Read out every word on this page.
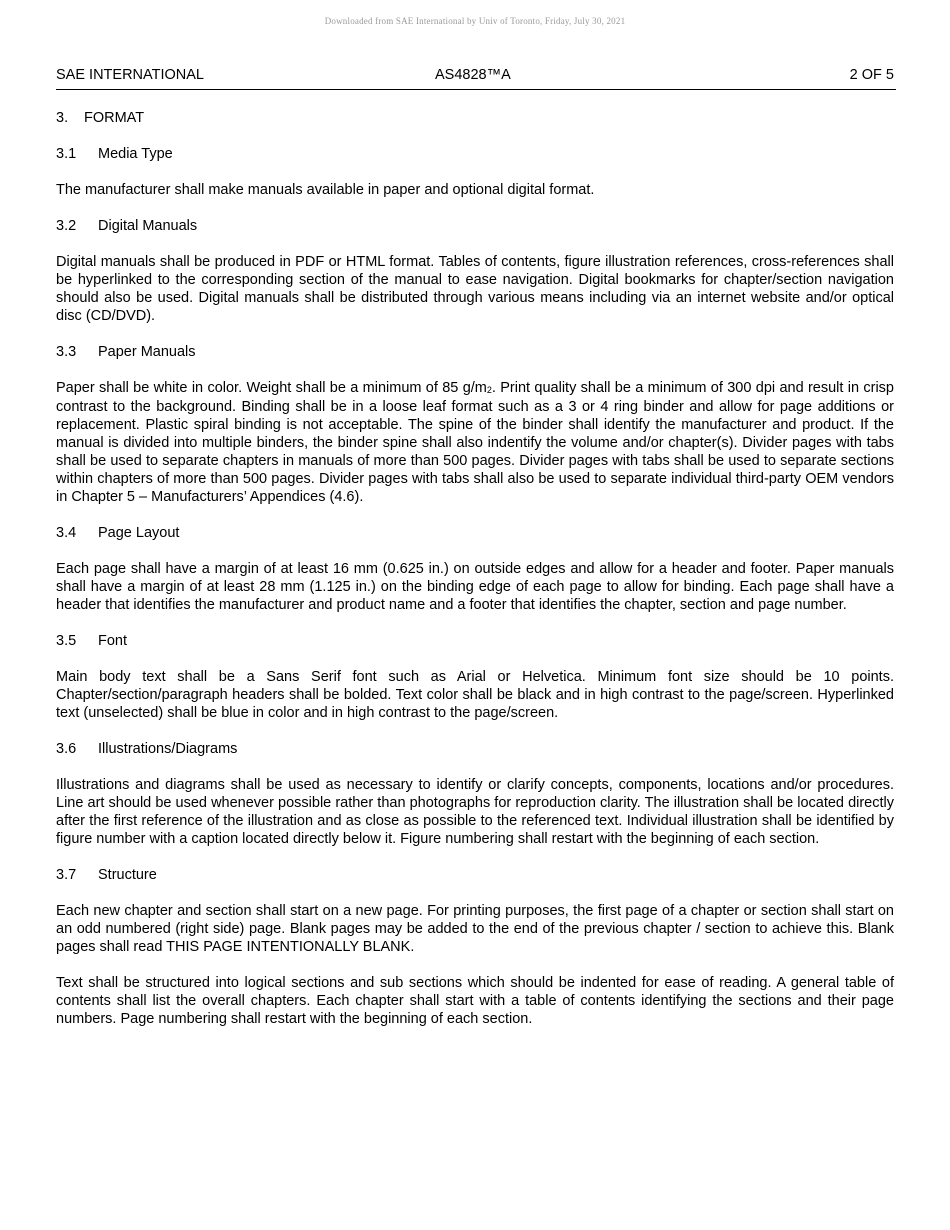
Downloaded from SAE International by Univ of Toronto, Friday, July 30, 2021
SAE INTERNATIONAL	AS4828™A	2 OF 5
3. FORMAT
3.1 Media Type

The manufacturer shall make manuals available in paper and optional digital format.

3.2 Digital Manuals

Digital manuals shall be produced in PDF or HTML format. Tables of contents, figure illustration references, cross-references shall be hyperlinked to the corresponding section of the manual to ease navigation. Digital bookmarks for chapter/section navigation should also be used. Digital manuals shall be distributed through various means including via an internet website and/or optical disc (CD/DVD).

3.3 Paper Manuals

Paper shall be white in color. Weight shall be a minimum of 85 $g/m_2$. Print quality shall be a minimum of 300 dpi and result in crisp contrast to the background. Binding shall be in a loose leaf format such as a 3 or 4 ring binder and allow for page additions or replacement. Plastic spiral binding is not acceptable. The spine of the binder shall identify the manufacturer and product. If the manual is divided into multiple binders, the binder spine shall also indentify the volume and/or chapter(s). Divider pages with tabs shall be used to separate chapters in manuals of more than 500 pages. Divider pages with tabs shall be used to separate sections within chapters of more than 500 pages. Divider pages with tabs shall also be used to separate individual third-party OEM vendors in Chapter 5 – Manufacturers’ Appendices (4.6).

3.4 Page Layout

Each page shall have a margin of at least 16 mm (0.625 in.) on outside edges and allow for a header and footer. Paper manuals shall have a margin of at least 28 mm (1.125 in.) on the binding edge of each page to allow for binding. Each page shall have a header that identifies the manufacturer and product name and a footer that identifies the chapter, section and page number.

3.5 Font

Main body text shall be a Sans Serif font such as Arial or Helvetica. Minimum font size should be 10 points. Chapter/section/paragraph headers shall be bolded. Text color shall be black and in high contrast to the page/screen. Hyperlinked text (unselected) shall be blue in color and in high contrast to the page/screen.

3.6 Illustrations/Diagrams

Illustrations and diagrams shall be used as necessary to identify or clarify concepts, components, locations and/or procedures. Line art should be used whenever possible rather than photographs for reproduction clarity. The illustration shall be located directly after the first reference of the illustration and as close as possible to the referenced text. Individual illustration shall be identified by figure number with a caption located directly below it. Figure numbering shall restart with the beginning of each section.

3.7 Structure

Each new chapter and section shall start on a new page. For printing purposes, the first page of a chapter or section shall start on an odd numbered (right side) page. Blank pages may be added to the end of the previous chapter / section to achieve this. Blank pages shall read THIS PAGE INTENTIONALLY BLANK.

Text shall be structured into logical sections and sub sections which should be indented for ease of reading. A general table of contents shall list the overall chapters. Each chapter shall start with a table of contents identifying the sections and their page numbers. Page numbering shall restart with the beginning of each section.
